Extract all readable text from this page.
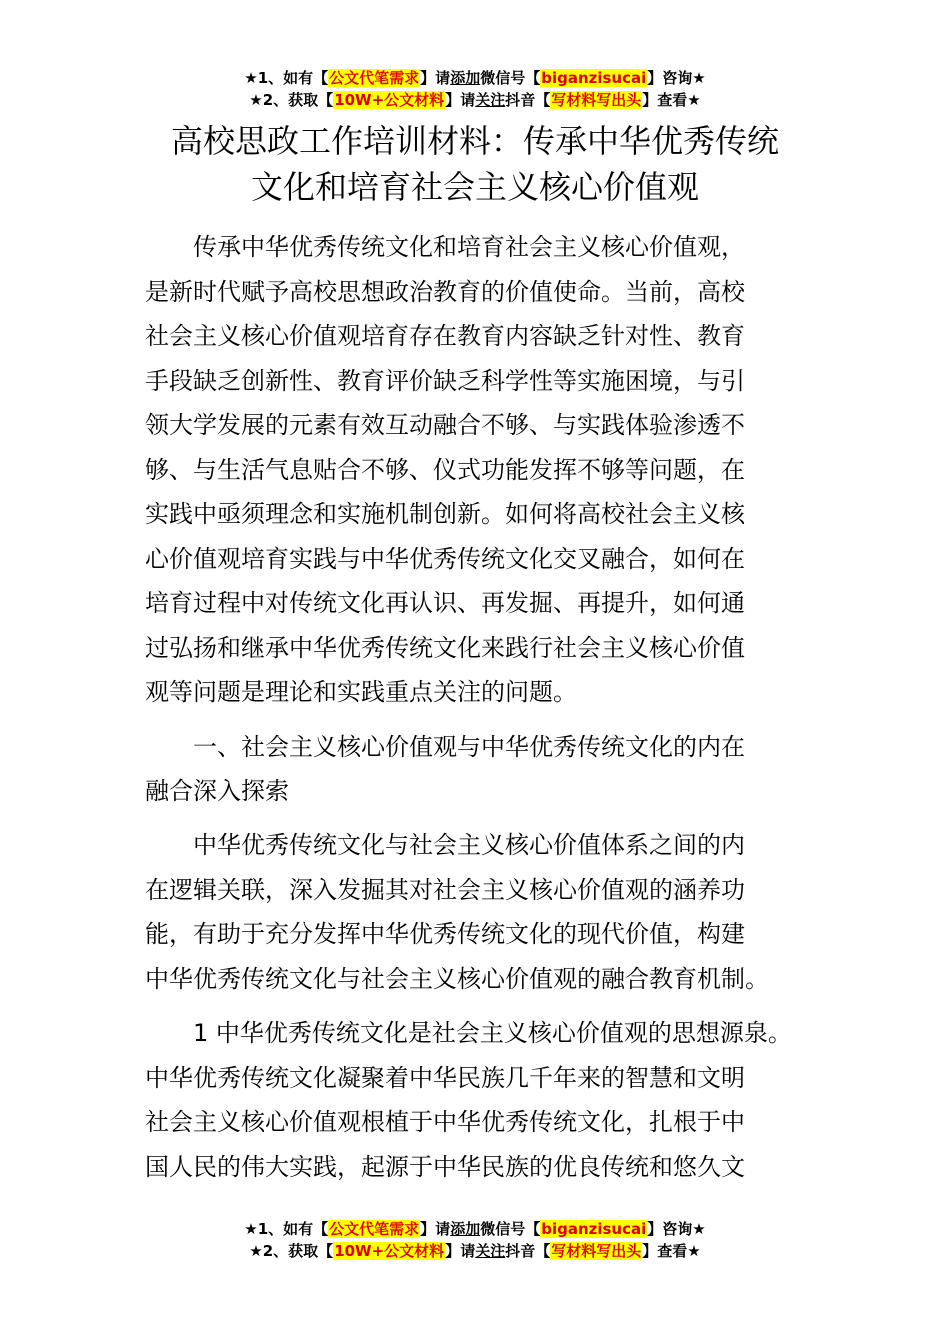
★1、如有【公文代笔需求】请添加微信号【biganzisucai】咨询★
★2、获取【10W+公文材料】请关注抖音【写材料写出头】查看★
高校思政工作培训材料：传承中华优秀传统
文化和培育社会主义核心价值观
传承中华优秀传统文化和培育社会主义核心价值观，
是新时代赋予高校思想政治教育的价值使命。当前，高校
社会主义核心价值观培育存在教育内容缺乏针对性、教育
手段缺乏创新性、教育评价缺乏科学性等实施困境，与引
领大学发展的元素有效互动融合不够、与实践体验渗透不
够、与生活气息贴合不够、仪式功能发挥不够等问题，在
实践中亟须理念和实施机制创新。如何将高校社会主义核
心价值观培育实践与中华优秀传统文化交叉融合，如何在
培育过程中对传统文化再认识、再发掘、再提升，如何通
过弘扬和继承中华优秀传统文化来践行社会主义核心价值
观等问题是理论和实践重点关注的问题。
一、社会主义核心价值观与中华优秀传统文化的内在
融合深入探索
中华优秀传统文化与社会主义核心价值体系之间的内
在逻辑关联，深入发掘其对社会主义核心价值观的涵养功
能，有助于充分发挥中华优秀传统文化的现代价值，构建
中华优秀传统文化与社会主义核心价值观的融合教育机制。
1 中华优秀传统文化是社会主义核心价值观的思想源泉。
中华优秀传统文化凝聚着中华民族几千年来的智慧和文明
社会主义核心价值观根植于中华优秀传统文化，扎根于中
国人民的伟大实践，起源于中华民族的优良传统和悠久文
★1、如有【公文代笔需求】请添加微信号【biganzisucai】咨询★
★2、获取【10W+公文材料】请关注抖音【写材料写出头】查看★
